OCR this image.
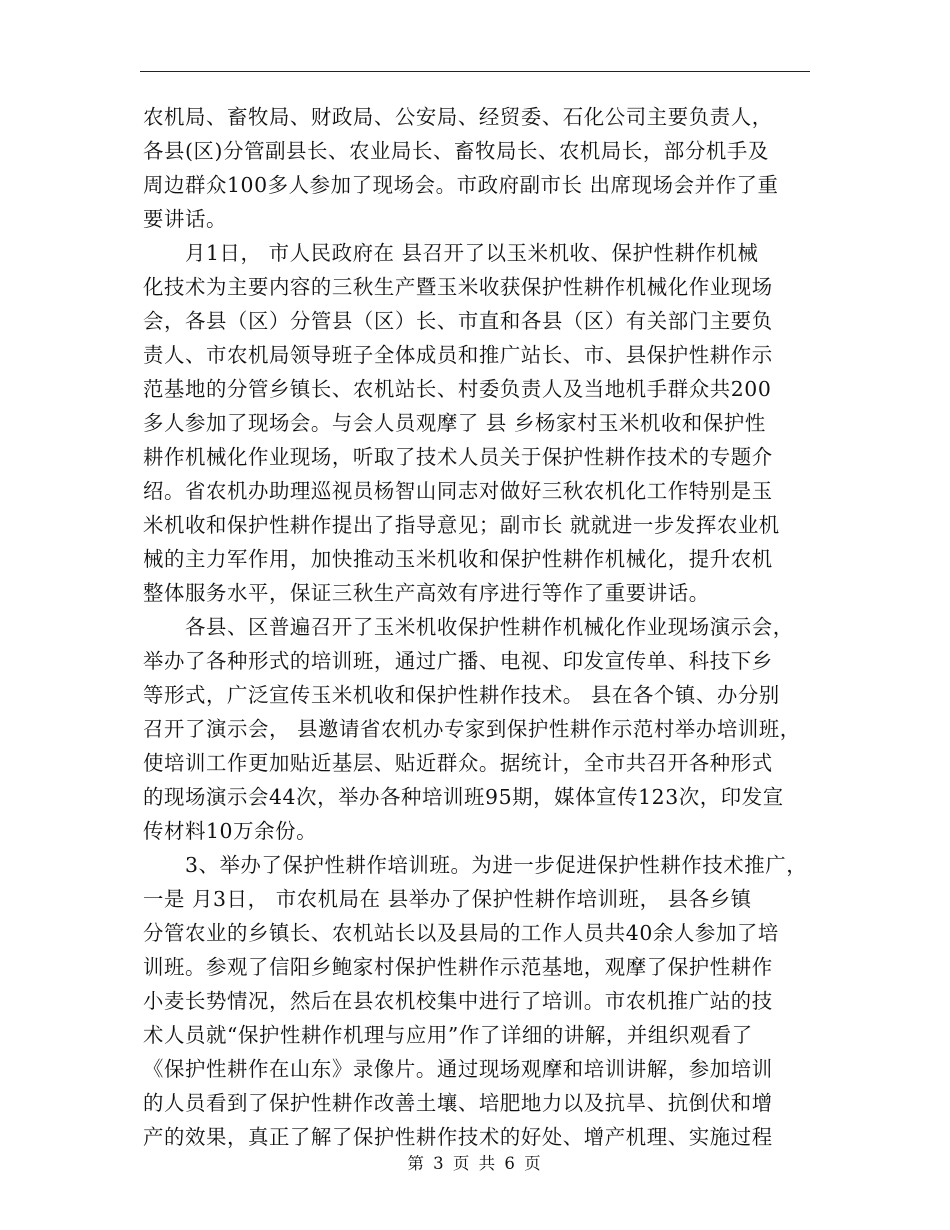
农机局、畜牧局、财政局、公安局、经贸委、石化公司主要负责人，
各县(区)分管副县长、农业局长、畜牧局长、农机局长，部分机手及
周边群众100多人参加了现场会。市政府副市长 出席现场会并作了重
要讲话。

　　月1日， 市人民政府在 县召开了以玉米机收、保护性耕作机械
化技术为主要内容的三秋生产暨玉米收获保护性耕作机械化作业现场
会，各县（区）分管县（区）长、市直和各县（区）有关部门主要负
责人、市农机局领导班子全体成员和推广站长、市、县保护性耕作示
范基地的分管乡镇长、农机站长、村委负责人及当地机手群众共200
多人参加了现场会。与会人员观摩了 县 乡杨家村玉米机收和保护性
耕作机械化作业现场，听取了技术人员关于保护性耕作技术的专题介
绍。省农机办助理巡视员杨智山同志对做好三秋农机化工作特别是玉
米机收和保护性耕作提出了指导意见；副市长 就就进一步发挥农业机
械的主力军作用，加快推动玉米机收和保护性耕作机械化，提升农机
整体服务水平，保证三秋生产高效有序进行等作了重要讲话。

　　各县、区普遍召开了玉米机收保护性耕作机械化作业现场演示会，
举办了各种形式的培训班，通过广播、电视、印发宣传单、科技下乡
等形式，广泛宣传玉米机收和保护性耕作技术。 县在各个镇、办分别
召开了演示会， 县邀请省农机办专家到保护性耕作示范村举办培训班，
使培训工作更加贴近基层、贴近群众。据统计，全市共召开各种形式
的现场演示会44次，举办各种培训班95期，媒体宣传123次，印发宣
传材料10万余份。

　　3、举办了保护性耕作培训班。为进一步促进保护性耕作技术推广，
一是 月3日， 市农机局在 县举办了保护性耕作培训班， 县各乡镇
分管农业的乡镇长、农机站长以及县局的工作人员共40余人参加了培
训班。参观了信阳乡鲍家村保护性耕作示范基地，观摩了保护性耕作
小麦长势情况，然后在县农机校集中进行了培训。市农机推广站的技
术人员就“保护性耕作机理与应用”作了详细的讲解，并组织观看了
《保护性耕作在山东》录像片。通过现场观摩和培训讲解，参加培训
的人员看到了保护性耕作改善土壤、培肥地力以及抗旱、抗倒伏和增
产的效果，真正了解了保护性耕作技术的好处、增产机理、实施过程

第 3 页 共 6 页
